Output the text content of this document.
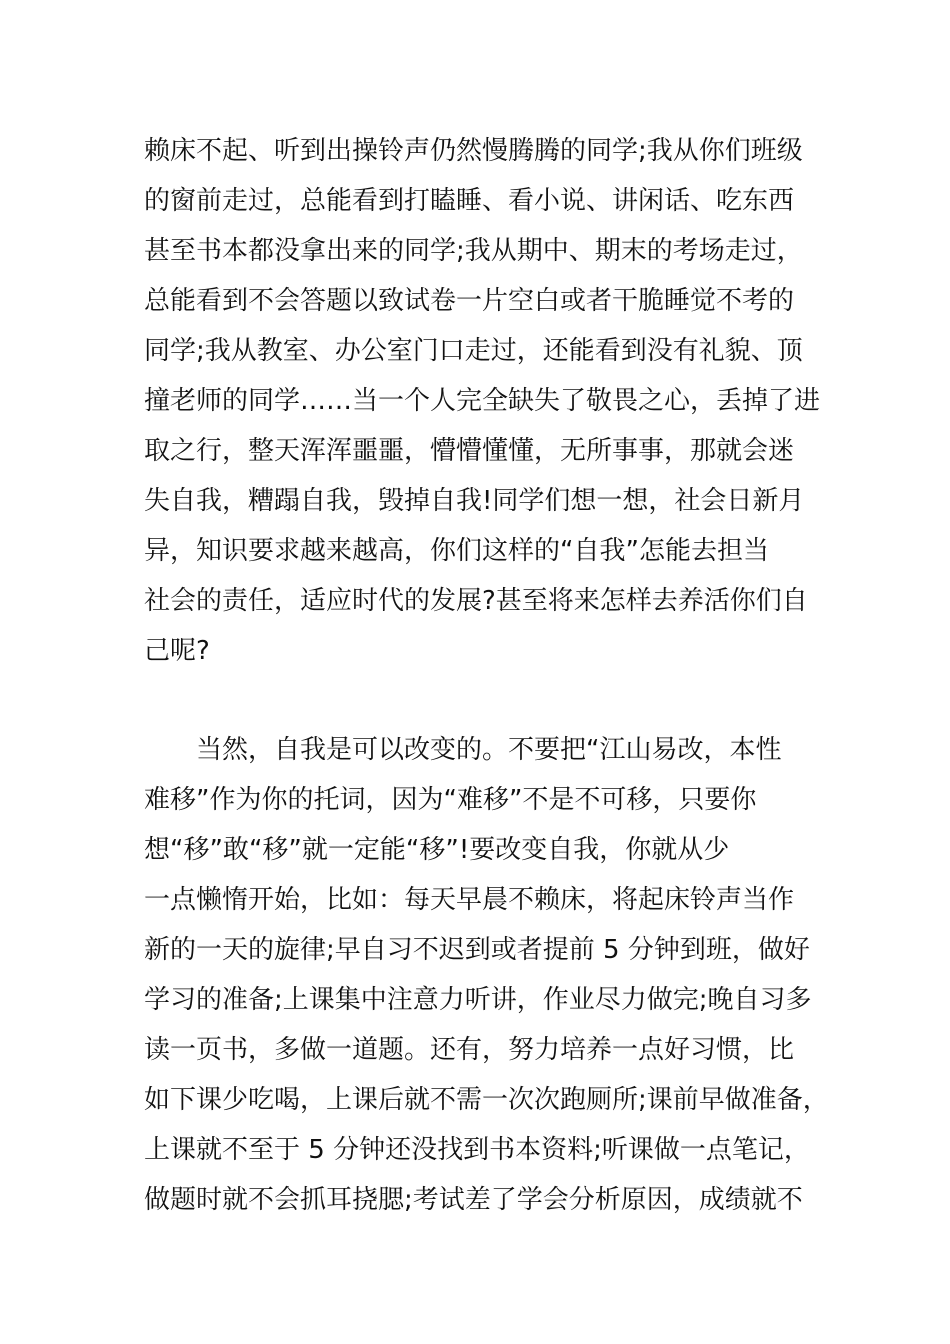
赖床不起、听到出操铃声仍然慢腾腾的同学;我从你们班级
的窗前走过，总能看到打瞌睡、看小说、讲闲话、吃东西
甚至书本都没拿出来的同学;我从期中、期末的考场走过，
总能看到不会答题以致试卷一片空白或者干脆睡觉不考的
同学;我从教室、办公室门口走过，还能看到没有礼貌、顶
撞老师的同学……当一个人完全缺失了敬畏之心，丢掉了进
取之行，整天浑浑噩噩，懵懵懂懂，无所事事，那就会迷
失自我，糟蹋自我，毁掉自我!同学们想一想，社会日新月
异，知识要求越来越高，你们这样的“自我”怎能去担当
社会的责任，适应时代的发展?甚至将来怎样去养活你们自
己呢?
当然，自我是可以改变的。不要把“江山易改，本性
难移”作为你的托词，因为“难移”不是不可移，只要你
想“移”敢“移”就一定能“移”!要改变自我，你就从少
一点懒惰开始，比如：每天早晨不赖床，将起床铃声当作
新的一天的旋律;早自习不迟到或者提前 5 分钟到班，做好
学习的准备;上课集中注意力听讲，作业尽力做完;晚自习多
读一页书，多做一道题。还有，努力培养一点好习惯，比
如下课少吃喝，上课后就不需一次次跑厕所;课前早做准备，
上课就不至于 5 分钟还没找到书本资料;听课做一点笔记，
做题时就不会抓耳挠腮;考试差了学会分析原因，成绩就不
